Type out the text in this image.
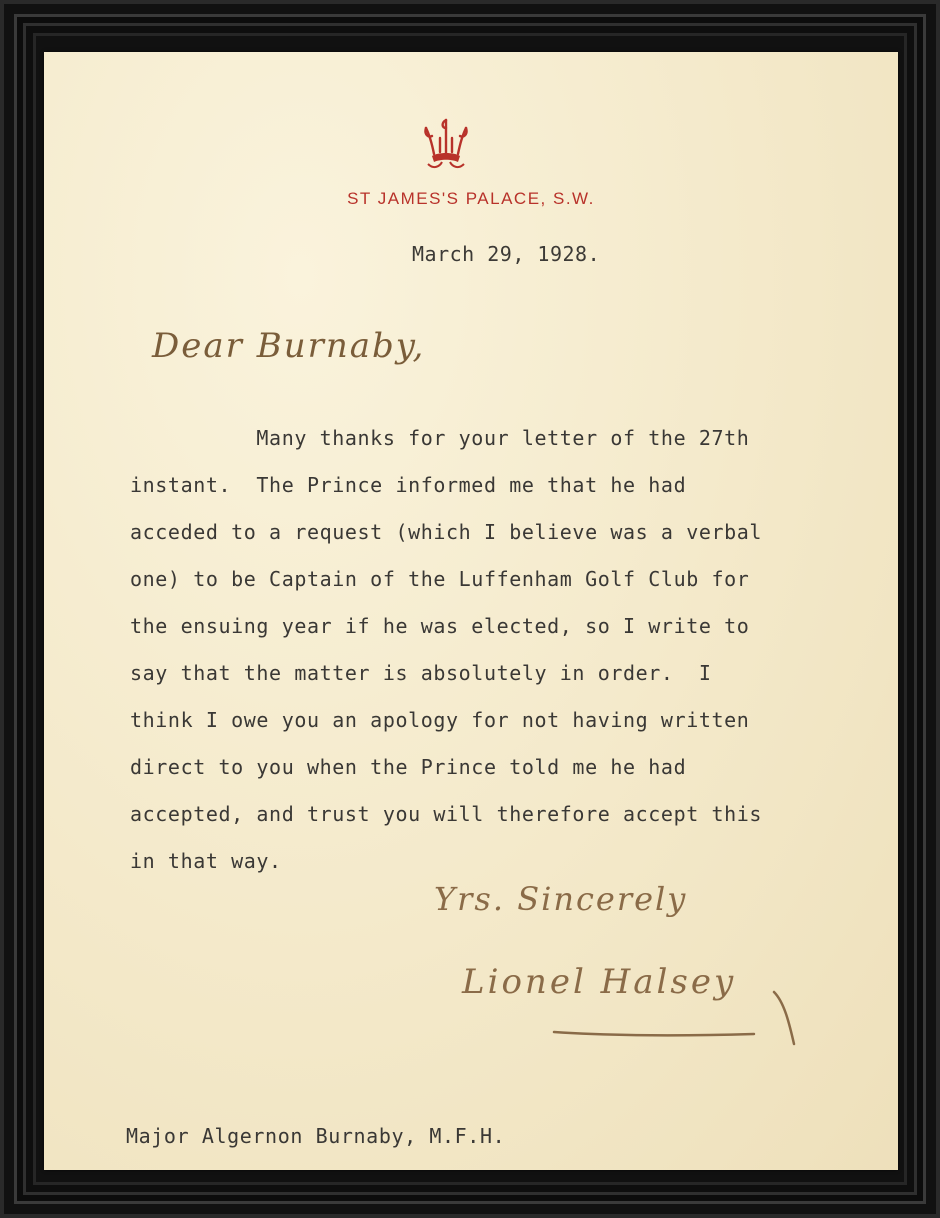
ST JAMES'S PALACE, S.W.
March 29, 1928.
Dear Burnaby,
Many thanks for your letter of the 27th
instant.  The Prince informed me that he had
acceded to a request (which I believe was a verbal
one) to be Captain of the Luffenham Golf Club for
the ensuing year if he was elected, so I write to
say that the matter is absolutely in order.  I
think I owe you an apology for not having written
direct to you when the Prince told me he had
accepted, and trust you will therefore accept this
in that way.
Yrs. Sincerely
Lionel Halsey
Major Algernon Burnaby, M.F.H.
